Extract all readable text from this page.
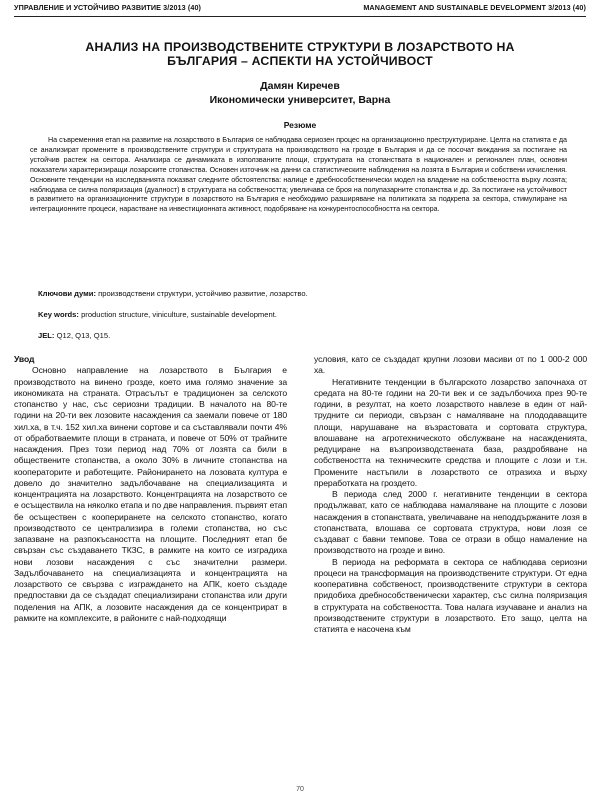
УПРАВЛЕНИЕ И УСТОЙЧИВО РАЗВИТИЕ 3/2013 (40)	MANAGEMENT AND SUSTAINABLE DEVELOPMENT 3/2013 (40)
АНАЛИЗ НА ПРОИЗВОДСТВЕНИТЕ СТРУКТУРИ В ЛОЗАРСТВОТО НА
БЪЛГАРИЯ – АСПЕКТИ НА УСТОЙЧИВОСТ
Дамян Киречев
Икономически университет, Варна
Резюме

На съвременния етап на развитие на лозарството в България се наблюдава сериозен процес на организационно преструктуриране. Целта на статията е да се анализират промените в производствените структури и структурата на производството на грозде в България и да се посочат виждания за постигане на устойчив растеж на сектора. Анализира се динамиката в използваните площи, структурата на стопанствата в национален и регионален план, основни показатели характеризиращи лозарските стопанства. Основен източник на данни са статистическите наблюдения на лозята в България и собствени изчисления. Основните тенденции на изследванията показват следните обстоятелства: налице е дребнособственически модел на владение на собствеността върху лозята; наблюдава се силна поляризация (дуалност) в структурата на собствеността; увеличава се броя на полупазарните стопанства и др. За постигане на устойчивост в развитието на организационните структури в лозарството на България е необходимо разширяване на политиката за подкрепа за сектора, стимулиране на интеграционните процеси, нарастване на инвестиционната активност, подобряване на конкурентоспособността на сектора.

Ключови думи: производствени структури, устойчиво развитие, лозарство.
Key words: production structure, viniculture, sustainable development.
JEL: Q12, Q13, Q15.
Увод

Основно направление на лозарството в България е производството на винено грозде, което има голямо значение за икономиката на страната. Отрасълът е традиционен за селското стопанство у нас, със сериозни традиции. В началото на 80-те години на 20-ти век лозовите насаждения са заемали повече от 180 хил.ха, в т.ч. 152 хил.ха винени сортове и са съставлявали почти 4% от обработваемите площи в страната, и повече от 50% от трайните насаждения. През този период над 70% от лозята са били в обществените стопанства, а около 30% в личните стопанства на кооператорите и работещите. Районирането на лозовата култура е довело до значително задълбочаване на специализацията и концентрацията на лозарството. Концентрацията на лозарството се е осъществила на няколко етапа и по две направления. първият етап бе осъществен с коопериранете на селското стопанство, когато производството се централизира в големи стопанства, но със запазване на разпокъсаността на площите. Последният етап бе свързан със създаването ТКЗС, в рамките на които се изградиха нови лозови насаждения с със значителни размери. Задълбочаването на специализацията и концентрацията на лозарството се свързва с изграждането на АПК, което създаде предпоставки да се създадат специализирани стопанства или други поделения на АПК, а лозовите насаждения да се концентрират в рамките на комплексите, в районите с най-подходящи

условия, като се създадат крупни лозови масиви от по 1 000-2 000 ха.

Негативните тенденции в българското лозарство започнаха от средата на 80-те години на 20-ти век и се задълбочиха през 90-те години, в резултат, на което лозарството навлезе в един от най-трудните си периоди, свързан с намаляване на плододаващите площи, нарушаване на възрастовата и сортовата структура, влошаване на агротехническото обслужване на насажденията, редуциране на възпроизводствената база, раздробяване на собствеността на техническите средства и площите с лози и т.н. Промените настъпили в лозарството се отразиха и върху преработката на гроздето.

В периода след 2000 г. негативните тенденции в сектора продължават, като се наблюдава намаляване на площите с лозови насаждения в стопанствата, увеличаване на неподдържаните лозя в стопанствата, влошава се сортовата структура, нови лозя се създават с бавни темпове. Това се отрази в общо намаление на производството на грозде и вино.

В периода на реформата в сектора се наблюдава сериозни процеси на трансформация на производствените структури. От една кооперативна собственост, производствените структури в сектора придобиха дребнособственически характер, със силна поляризация в структурата на собствеността. Това налага изучаване и анализ на производствените структури в лозарството. Ето защо, целта на статията е насочена към

70
